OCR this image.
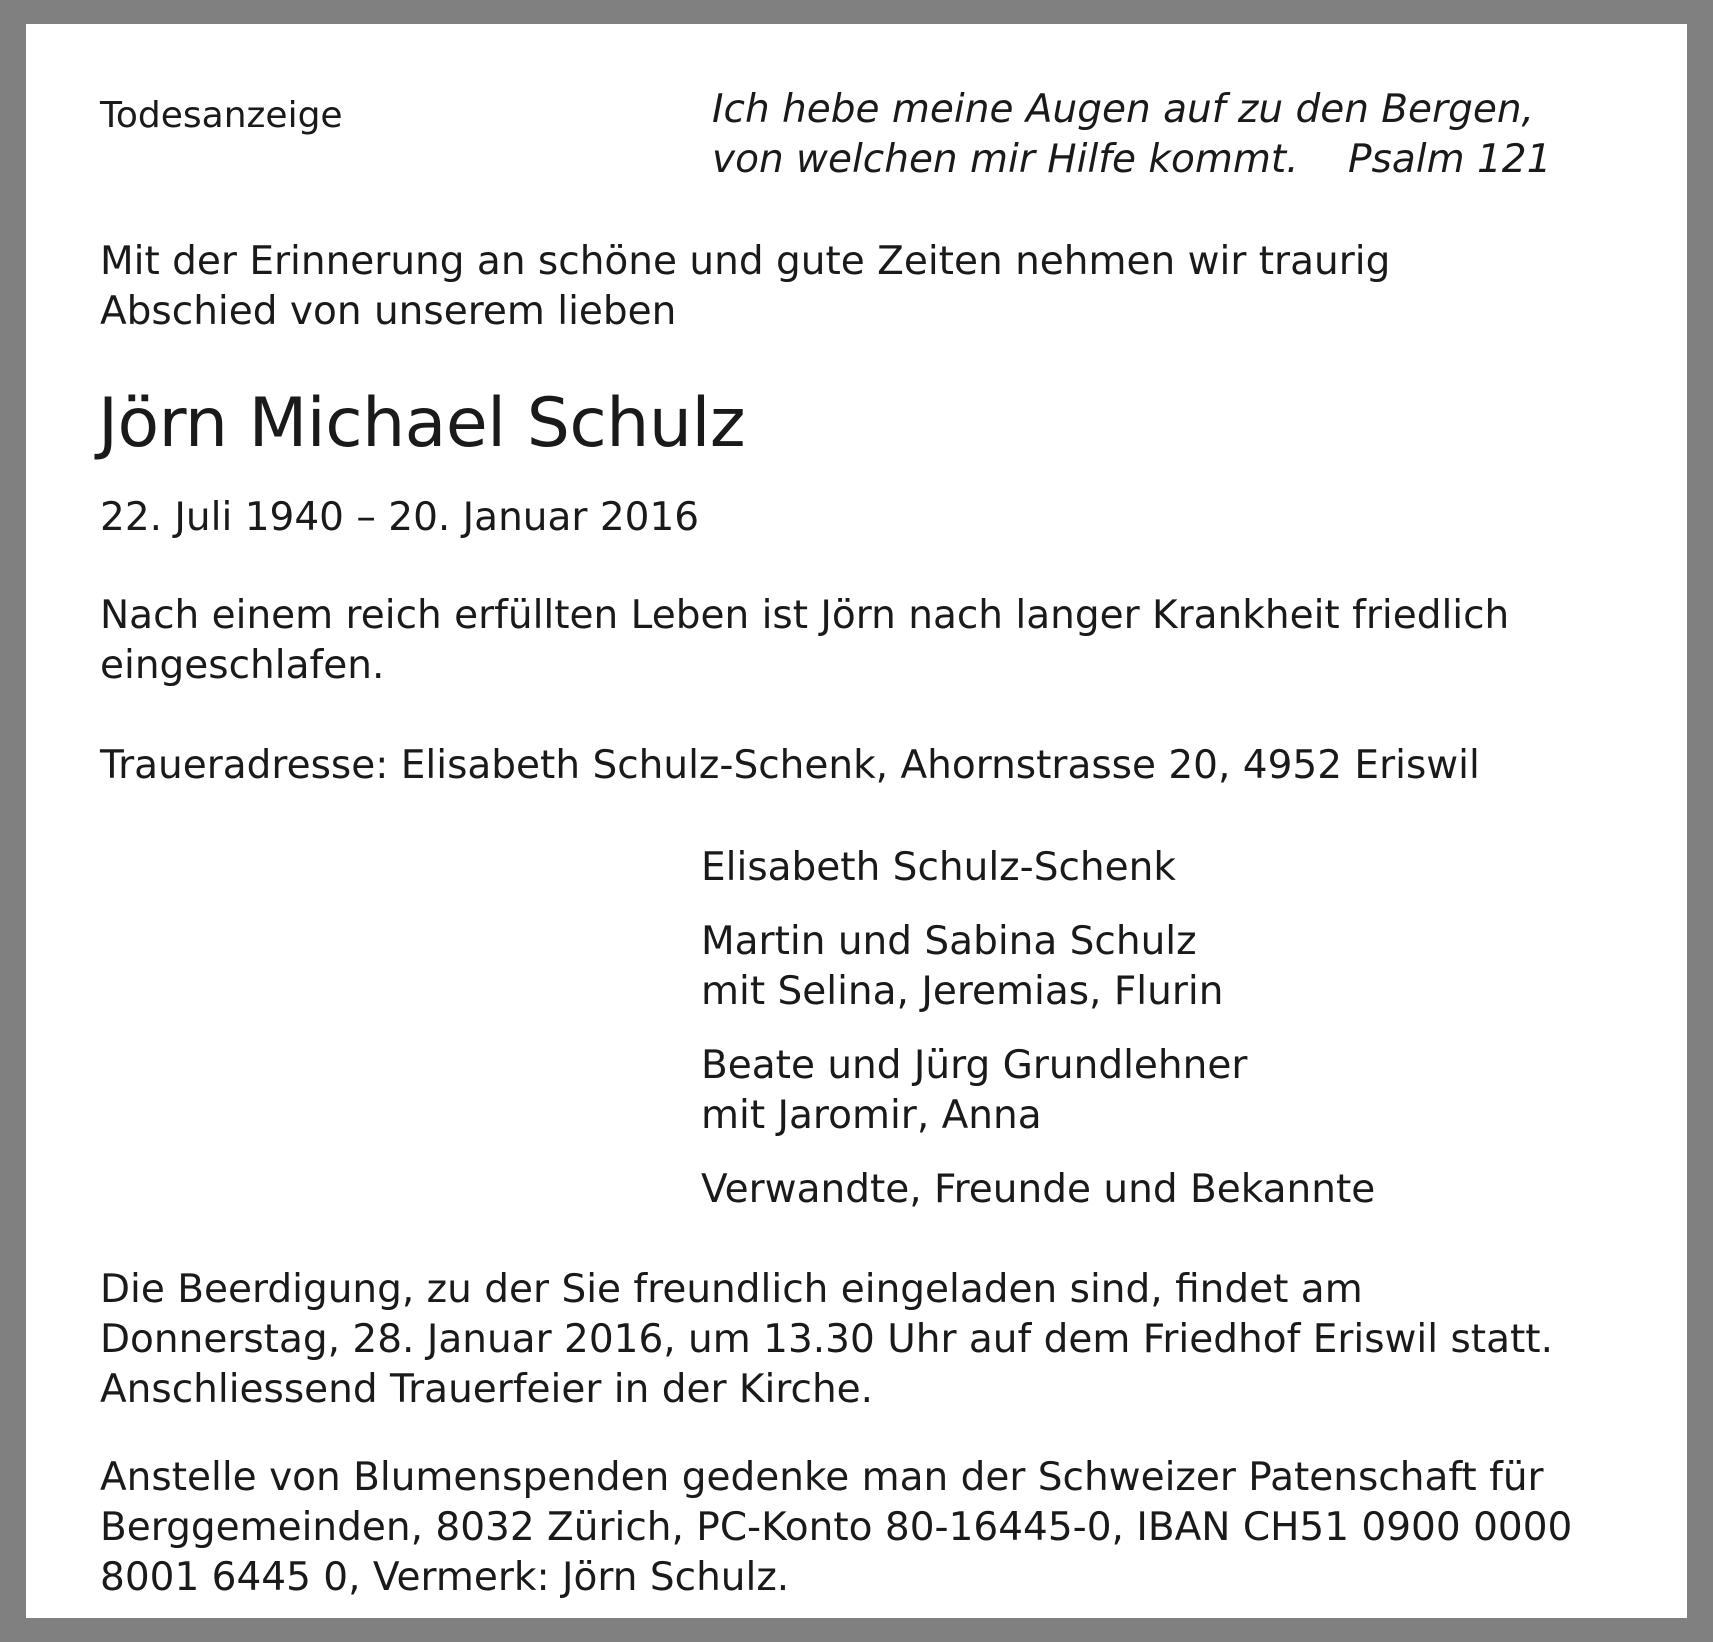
Todesanzeige	Ich hebe meine Augen auf zu den Bergen,

von welchen mir Hilfe kommt. Psalm 121

Mit der Erinnerung an schöne und gute Zeiten nehmen wir traurig

Abschied von unserem lieben

Jörn Michael Schulz

22. Juli 1940 – 20. Januar 2016

Nach einem reich erfüllten Leben ist Jörn nach langer Krankheit friedlich

eingeschlafen.

Traueradresse: Elisabeth Schulz-Schenk, Ahornstrasse 20, 4952 Eriswil

Elisabeth Schulz-Schenk

Martin und Sabina Schulz

mit Selina, Jeremias, Flurin

Beate und Jürg Grundlehner

mit Jaromir, Anna

Verwandte, Freunde und Bekannte

Die Beerdigung, zu der Sie freundlich eingeladen sind, findet am

Donnerstag, 28. Januar 2016, um 13.30 Uhr auf dem Friedhof Eriswil statt.

Anschliessend Trauerfeier in der Kirche.

Anstelle von Blumenspenden gedenke man der Schweizer Patenschaft für

Berggemeinden, 8032 Zürich, PC-Konto 80-16445-0, IBAN CH51 0900 0000

8001 6445 0, Vermerk: Jörn Schulz.
